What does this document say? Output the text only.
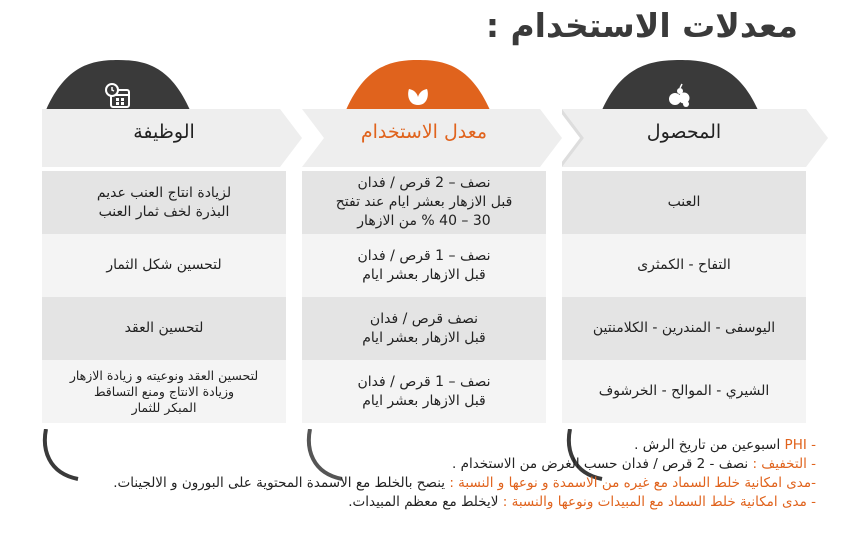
معدلات الاستخدام :
المحصول
العنب
التفاح - الكمثرى
اليوسفى - المندرين - الكلامنتين
الشيري - الموالح - الخرشوف
معدل الاستخدام
نصف – 2 قرص / فدان
قبل الازهار بعشر ايام عند تفتح
30 – 40 % من الازهار
نصف – 1 قرص / فدان
قبل الازهار بعشر ايام
نصف قرص / فدان
قبل الازهار بعشر ايام
نصف – 1 قرص / فدان
قبل الازهار بعشر ايام
الوظيفة
لزيادة انتاج العنب عديم
البذرة لخف ثمار العنب
لتحسين شكل الثمار
لتحسين العقد
لتحسين العقد ونوعيته و زيادة الازهار
وزيادة الانتاج ومنع التساقط
المبكر للثمار
- PHI اسبوعين من تاريخ الرش .
- التخفيف : نصف - 2 قرص / فدان حسب الغرض من الاستخدام .
-مدى امكانية خلط السماد مع غيره من الاسمدة و نوعها و النسبة : ينصح بالخلط مع الاسمدة المحتوية على البورون و الالجينات.
- مدى امكانية خلط السماد مع المبيدات ونوعها والنسبة : لايخلط مع معظم المبيدات.
